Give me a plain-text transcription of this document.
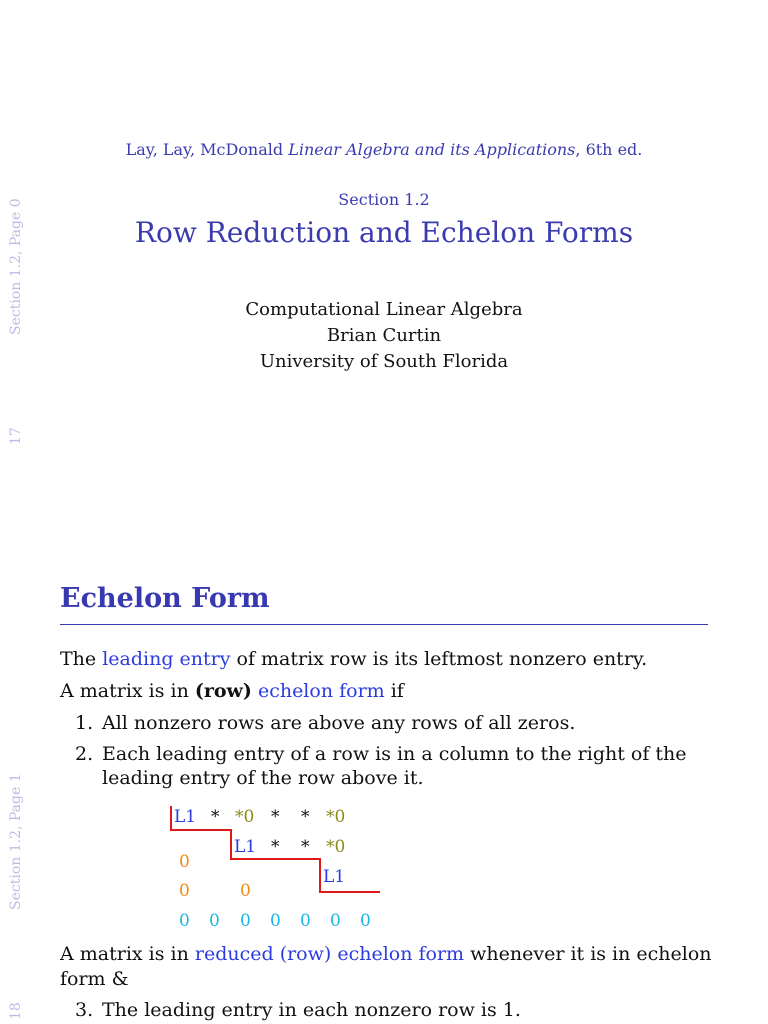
Section 1.2, Page 0
17
Section 1.2, Page 1
18
Lay, Lay, McDonald Linear Algebra and its Applications, 6th ed.
Section 1.2
Row Reduction and Echelon Forms
Computational Linear Algebra
Brian Curtin
University of South Florida
Echelon Form
The leading entry of matrix row is its leftmost nonzero entry.
A matrix is in (row) echelon form if
1. All nonzero rows are above any rows of all zeros.
2. Each leading entry of a row is in a column to the right of the
leading entry of the row above it.
L1 * *0 * * *0
0
L1 * * *0
0	0
L1
0 0 0 0 0 0 0
A matrix is in reduced (row) echelon form whenever it is in echelon
form &
3. The leading entry in each nonzero row is 1.
